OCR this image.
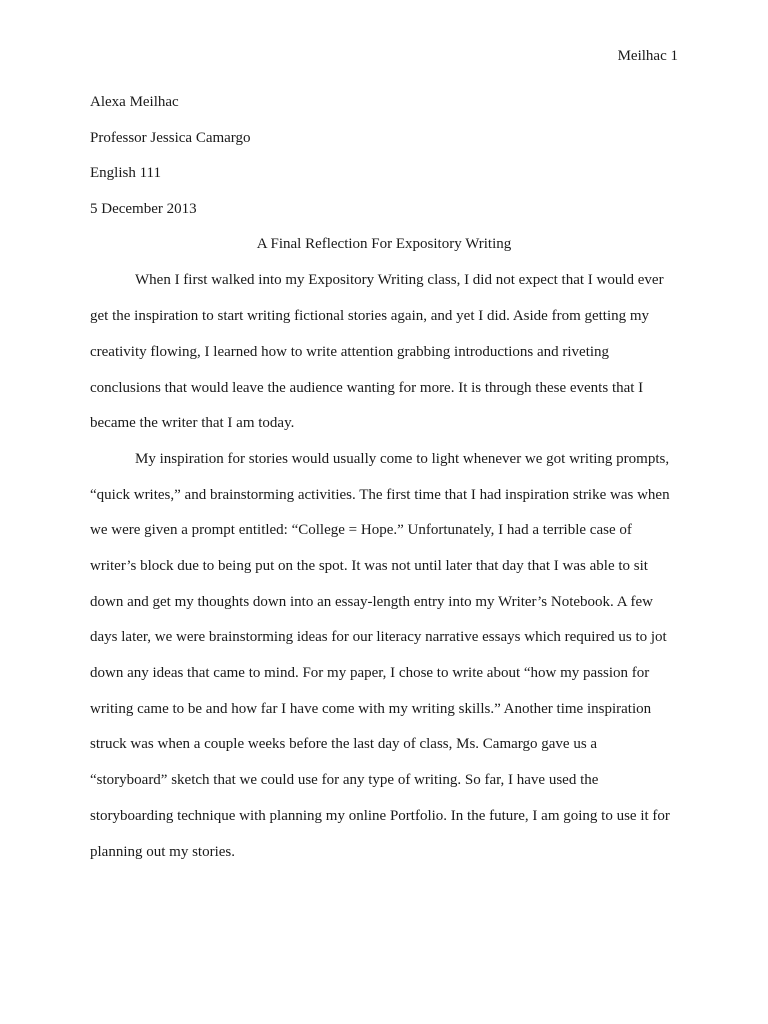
Meilhac 1
Alexa Meilhac
Professor Jessica Camargo
English 111
5 December 2013
A Final Reflection For Expository Writing
When I first walked into my Expository Writing class, I did not expect that I would ever
get the inspiration to start writing fictional stories again, and yet I did. Aside from getting my
creativity flowing, I learned how to write attention grabbing introductions and riveting
conclusions that would leave the audience wanting for more. It is through these events that I
became the writer that I am today.
My inspiration for stories would usually come to light whenever we got writing prompts,
“quick writes,” and brainstorming activities. The first time that I had inspiration strike was when
we were given a prompt entitled: “College = Hope.” Unfortunately, I had a terrible case of
writer’s block due to being put on the spot. It was not until later that day that I was able to sit
down and get my thoughts down into an essay-length entry into my Writer’s Notebook. A few
days later, we were brainstorming ideas for our literacy narrative essays which required us to jot
down any ideas that came to mind. For my paper, I chose to write about “how my passion for
writing came to be and how far I have come with my writing skills.” Another time inspiration
struck was when a couple weeks before the last day of class, Ms. Camargo gave us a
“storyboard” sketch that we could use for any type of writing. So far, I have used the
storyboarding technique with planning my online Portfolio. In the future, I am going to use it for
planning out my stories.
